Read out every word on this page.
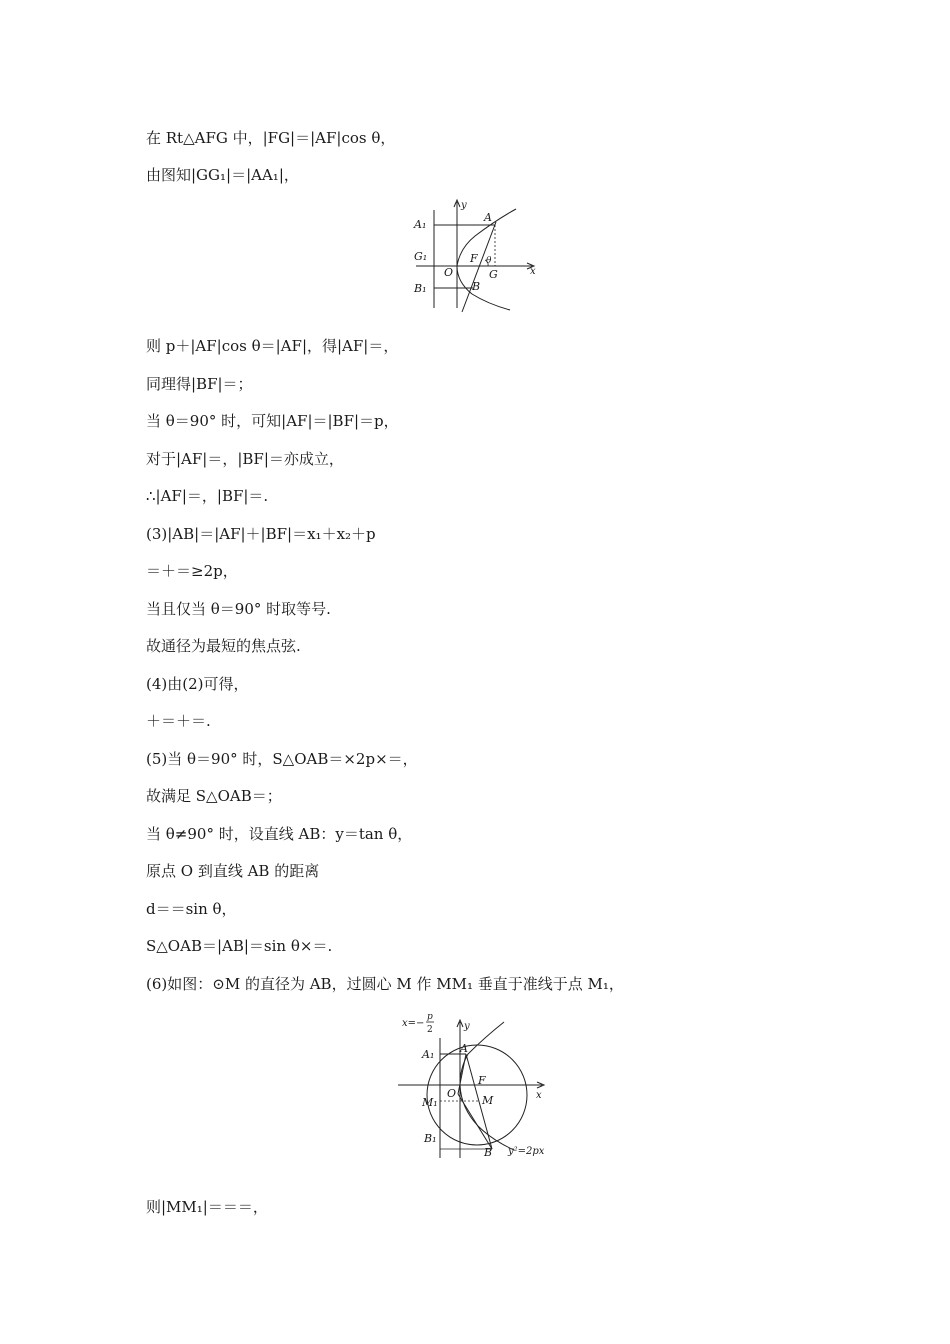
在 Rt△AFG 中，|FG|＝|AF|cos θ，
由图知|GG₁|＝|AA₁|，
A₁
A
y
G₁
O
F θ
G	x
B₁	B
则 p＋|AF|cos θ＝|AF|，得|AF|＝，
同理得|BF|＝；
当 θ＝90° 时，可知|AF|＝|BF|＝p，
对于|AF|＝，|BF|＝亦成立，
∴|AF|＝，|BF|＝.
(3)|AB|＝|AF|＋|BF|＝x₁＋x₂＋p
＝＋＝≥2p，
当且仅当 θ＝90° 时取等号.
故通径为最短的焦点弦.
(4)由(2)可得，
＋＝＋＝.
(5)当 θ＝90° 时，S△OAB＝×2p×＝，
故满足 S△OAB＝；
当 θ≠90° 时，设直线 AB：y＝tan θ，
原点 O 到直线 AB 的距离
d＝＝sin θ，
S△OAB＝|AB|＝sin θ×＝.
(6)如图：⊙M 的直径为 AB，过圆心 M 作 MM₁ 垂直于准线于点 M₁，
x=−
p
2	y
A₁ A
O
F
x
M₁	M
B₁
B y²=2px
则|MM₁|＝＝＝，
